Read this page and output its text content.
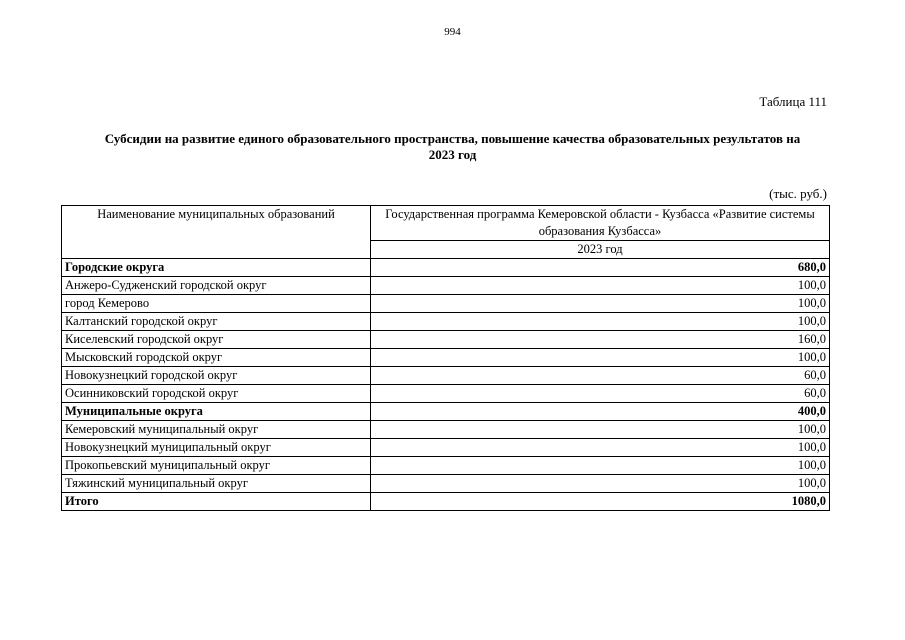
994
Таблица 111
Субсидии на развитие единого образовательного пространства, повышение качества образовательных результатов на
2023 год
(тыс. руб.)
Наименование муниципальных образований	Государственная программа Кемеровской области - Кузбасса «Развитие системы образования Кузбасса»
	2023 год
Городские округа	680,0
Анжеро-Судженский городской округ	100,0
город Кемерово	100,0
Калтанский городской округ	100,0
Киселевский городской округ	160,0
Мысковский городской округ	100,0
Новокузнецкий городской округ	60,0
Осинниковский городской округ	60,0
Муниципальные округа	400,0
Кемеровский муниципальный округ	100,0
Новокузнецкий муниципальный округ	100,0
Прокопьевский муниципальный округ	100,0
Тяжинский муниципальный округ	100,0
Итого	1080,0
